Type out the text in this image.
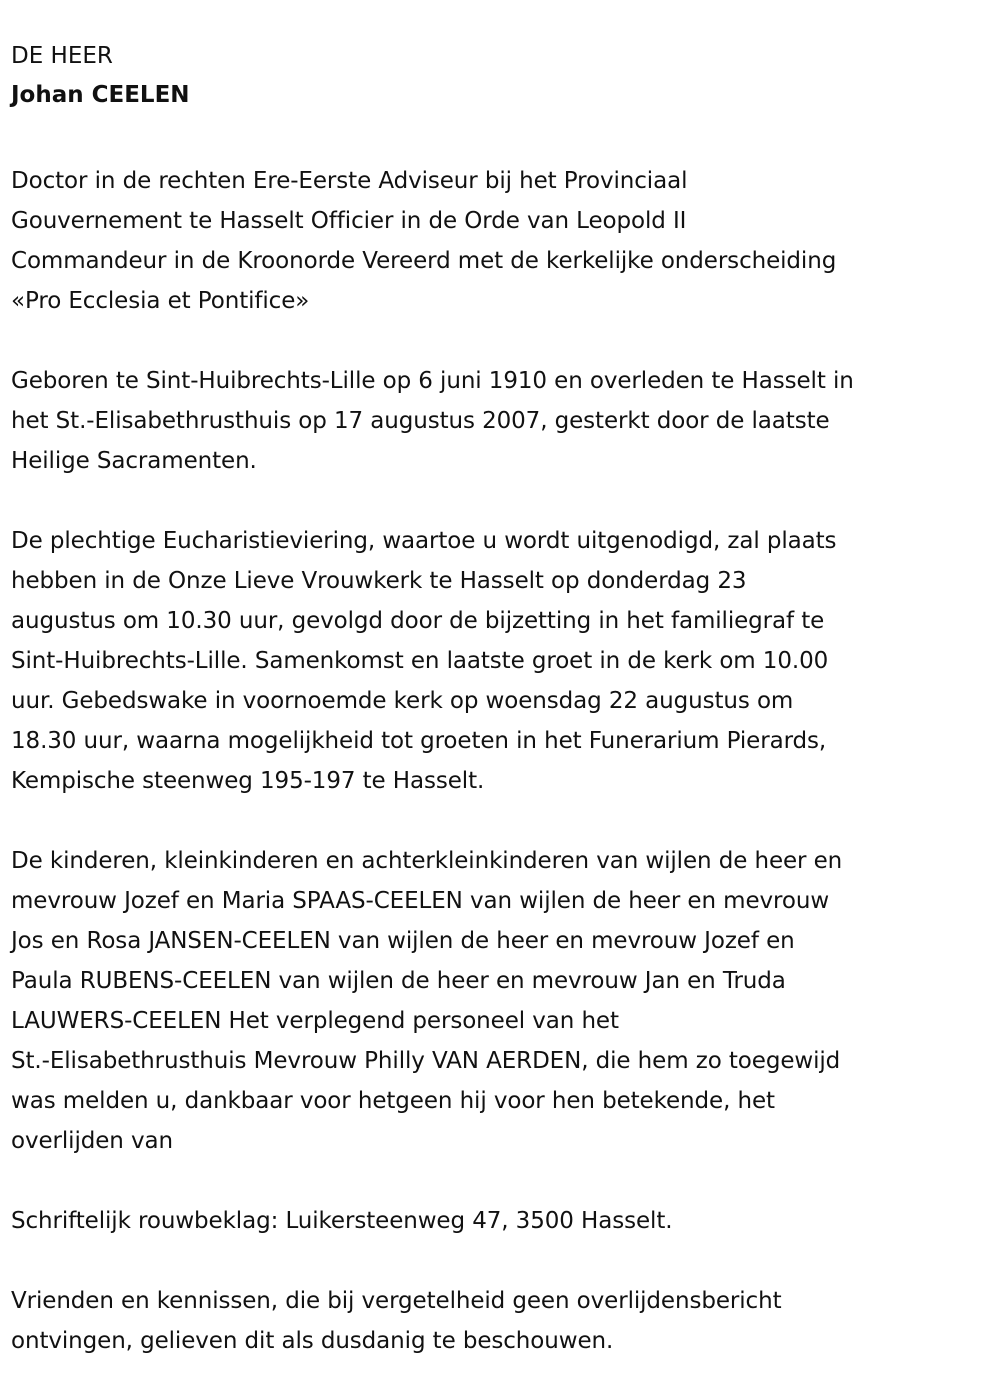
DE HEER
Johan CEELEN
Doctor in de rechten Ere-Eerste Adviseur bij het Provinciaal
Gouvernement te Hasselt Officier in de Orde van Leopold II
Commandeur in de Kroonorde Vereerd met de kerkelijke onderscheiding
«Pro Ecclesia et Pontifice»
Geboren te Sint-Huibrechts-Lille op 6 juni 1910 en overleden te Hasselt in
het St.-Elisabethrusthuis op 17 augustus 2007, gesterkt door de laatste
Heilige Sacramenten.
De plechtige Eucharistieviering, waartoe u wordt uitgenodigd, zal plaats
hebben in de Onze Lieve Vrouwkerk te Hasselt op donderdag 23
augustus om 10.30 uur, gevolgd door de bijzetting in het familiegraf te
Sint-Huibrechts-Lille. Samenkomst en laatste groet in de kerk om 10.00
uur. Gebedswake in voornoemde kerk op woensdag 22 augustus om
18.30 uur, waarna mogelijkheid tot groeten in het Funerarium Pierards,
Kempische steenweg 195-197 te Hasselt.
De kinderen, kleinkinderen en achterkleinkinderen van wijlen de heer en
mevrouw Jozef en Maria SPAAS-CEELEN van wijlen de heer en mevrouw
Jos en Rosa JANSEN-CEELEN van wijlen de heer en mevrouw Jozef en
Paula RUBENS-CEELEN van wijlen de heer en mevrouw Jan en Truda
LAUWERS-CEELEN Het verplegend personeel van het
St.-Elisabethrusthuis Mevrouw Philly VAN AERDEN, die hem zo toegewijd
was melden u, dankbaar voor hetgeen hij voor hen betekende, het
overlijden van
Schriftelijk rouwbeklag: Luikersteenweg 47, 3500 Hasselt.
Vrienden en kennissen, die bij vergetelheid geen overlijdensbericht
ontvingen, gelieven dit als dusdanig te beschouwen.
